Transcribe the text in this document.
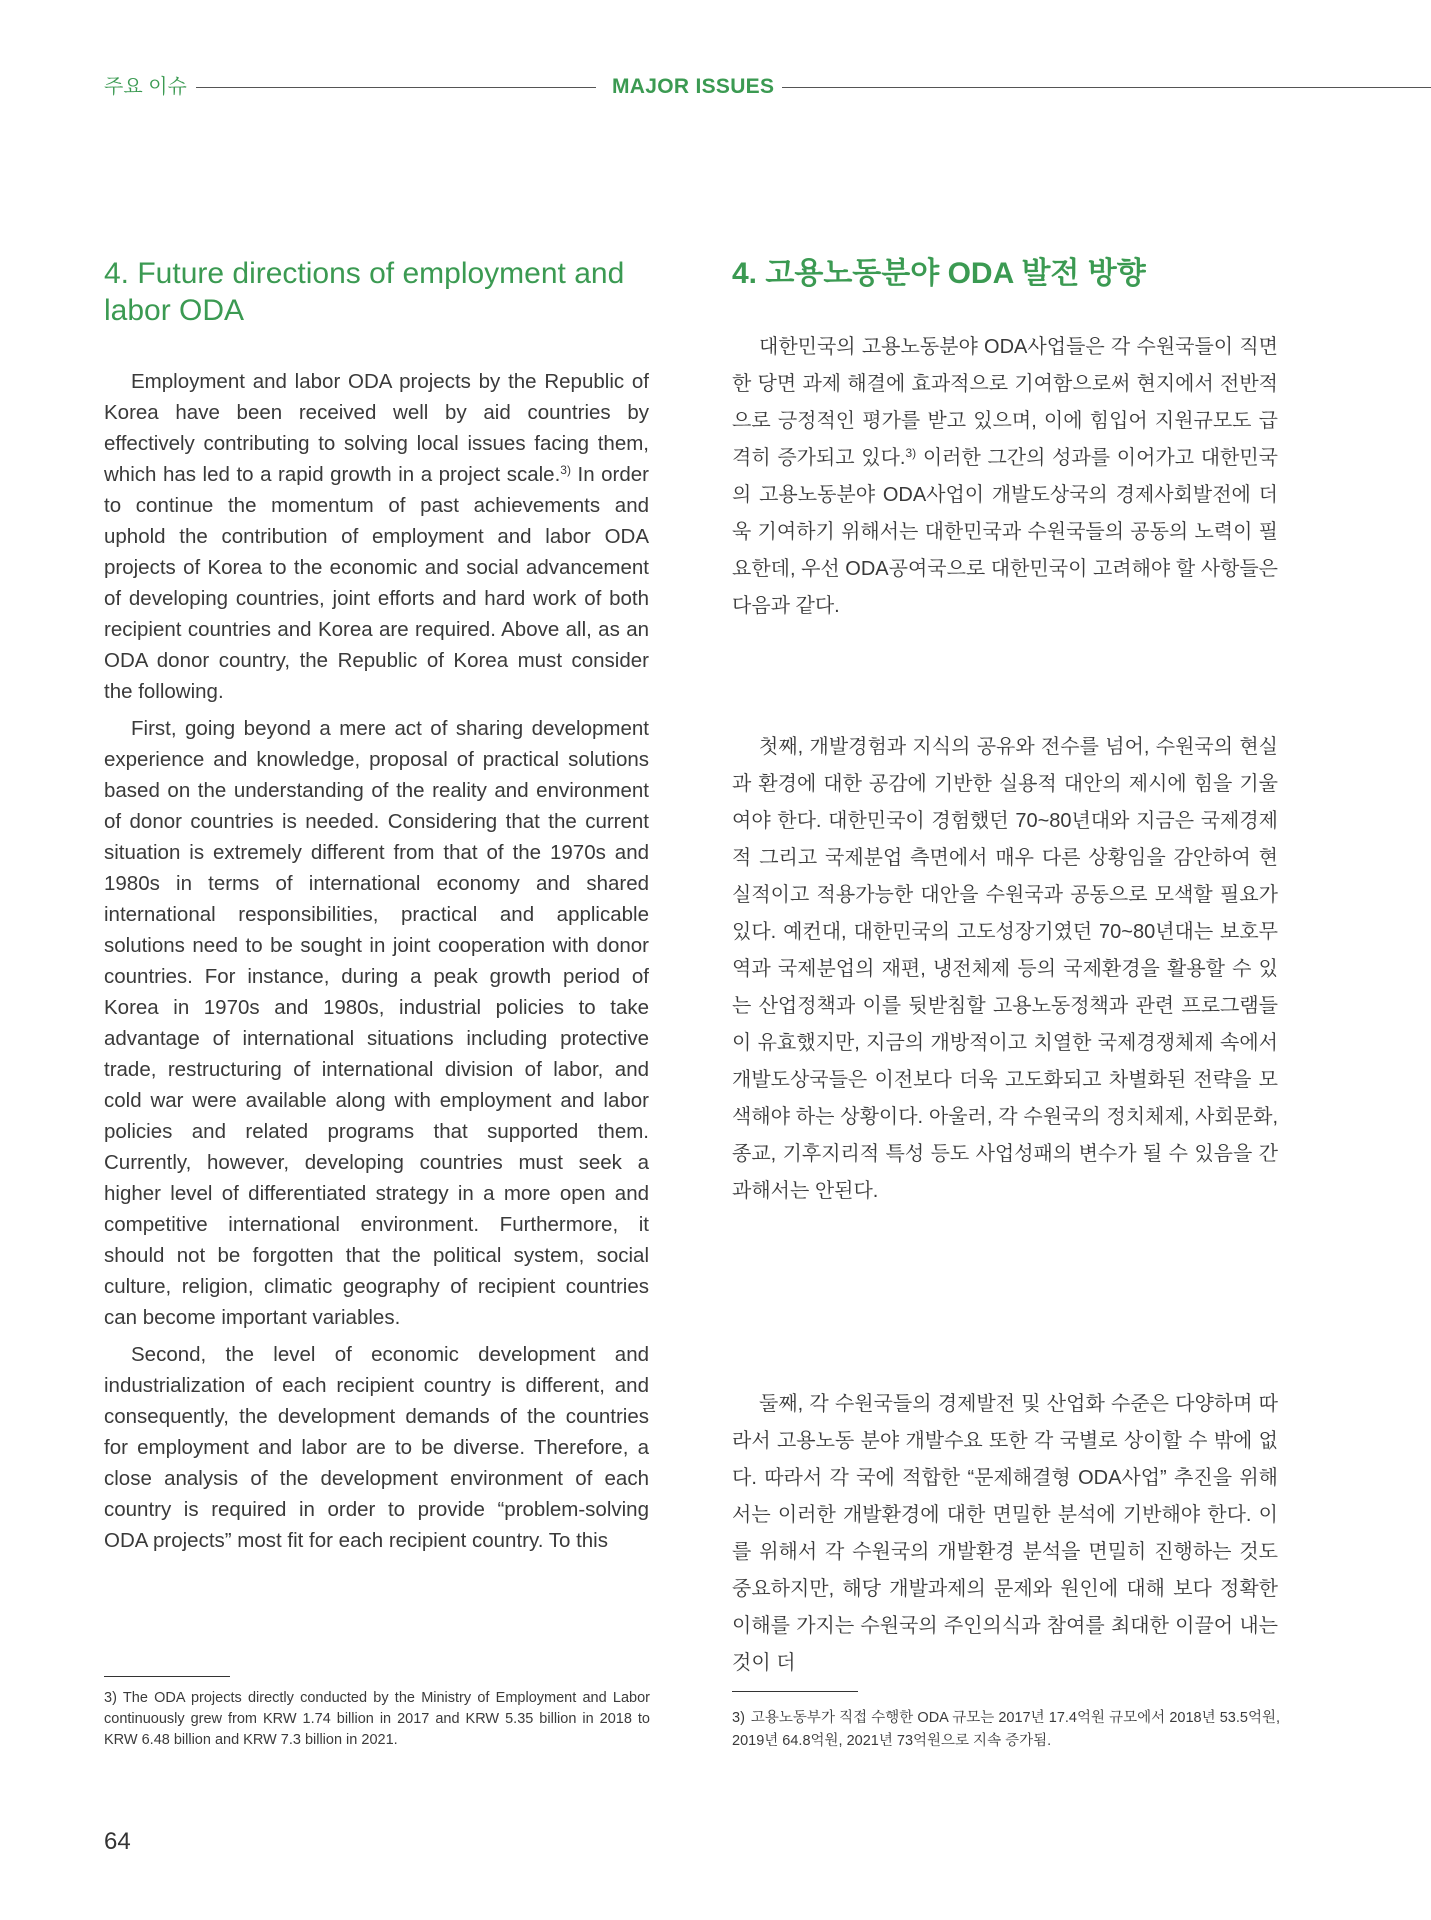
주요 이슈	MAJOR ISSUES
4. Future directions of employment and labor ODA

Employment and labor ODA projects by the Republic of Korea have been received well by aid countries by effectively contributing to solving local issues facing them, which has led to a rapid growth in a project scale.$^{3)}$ In order to continue the momentum of past achievements and uphold the contribution of employment and labor ODA projects of Korea to the economic and social advancement of developing countries, joint efforts and hard work of both recipient countries and Korea are required. Above all, as an ODA donor country, the Republic of Korea must consider the following.

First, going beyond a mere act of sharing development experience and knowledge, proposal of practical solutions based on the understanding of the reality and environment of donor countries is needed. Considering that the current situation is extremely different from that of the 1970s and 1980s in terms of international economy and shared international responsibilities, practical and applicable solutions need to be sought in joint cooperation with donor countries. For instance, during a peak growth period of Korea in 1970s and 1980s, industrial policies to take advantage of international situations including protective trade, restructuring of international division of labor, and cold war were available along with employment and labor policies and related programs that supported them. Currently, however, developing countries must seek a higher level of differentiated strategy in a more open and competitive international environment. Furthermore, it should not be forgotten that the political system, social culture, religion, climatic geography of recipient countries can become important variables.

Second, the level of economic development and industrialization of each recipient country is different, and consequently, the development demands of the countries for employment and labor are to be diverse. Therefore, a close analysis of the development environment of each country is required in order to provide “problem-solving ODA projects” most fit for each recipient country. To this

4. 고용노동분야 ODA 발전 방향

대한민국의 고용노동분야 ODA사업들은 각 수원국들이 직면한 당면 과제 해결에 효과적으로 기여함으로써 현지에서 전반적으로 긍정적인 평가를 받고 있으며, 이에 힘입어 지원규모도 급격히 증가되고 있다.$^{3)}$ 이러한 그간의 성과를 이어가고 대한민국의 고용노동분야 ODA사업이 개발도상국의 경제사회발전에 더욱 기여하기 위해서는 대한민국과 수원국들의 공동의 노력이 필요한데, 우선 ODA공여국으로 대한민국이 고려해야 할 사항들은 다음과 같다.

첫째, 개발경험과 지식의 공유와 전수를 넘어, 수원국의 현실과 환경에 대한 공감에 기반한 실용적 대안의 제시에 힘을 기울여야 한다. 대한민국이 경험했던 70~80년대와 지금은 국제경제적 그리고 국제분업 측면에서 매우 다른 상황임을 감안하여 현실적이고 적용가능한 대안을 수원국과 공동으로 모색할 필요가 있다. 예컨대, 대한민국의 고도성장기였던 70~80년대는 보호무역과 국제분업의 재편, 냉전체제 등의 국제환경을 활용할 수 있는 산업정책과 이를 뒷받침할 고용노동정책과 관련 프로그램들이 유효했지만, 지금의 개방적이고 치열한 국제경쟁체제 속에서 개발도상국들은 이전보다 더욱 고도화되고 차별화된 전략을 모색해야 하는 상황이다. 아울러, 각 수원국의 정치체제, 사회문화, 종교, 기후지리적 특성 등도 사업성패의 변수가 될 수 있음을 간과해서는 안된다.

둘째, 각 수원국들의 경제발전 및 산업화 수준은 다양하며 따라서 고용노동 분야 개발수요 또한 각 국별로 상이할 수 밖에 없다. 따라서 각 국에 적합한 “문제해결형 ODA사업” 추진을 위해서는 이러한 개발환경에 대한 면밀한 분석에 기반해야 한다. 이를 위해서 각 수원국의 개발환경 분석을 면밀히 진행하는 것도 중요하지만, 해당 개발과제의 문제와 원인에 대해 보다 정확한 이해를 가지는 수원국의 주인의식과 참여를 최대한 이끌어 내는 것이 더

3) The ODA projects directly conducted by the Ministry of Employment and Labor continuously grew from KRW 1.74 billion in 2017 and KRW 5.35 billion in 2018 to KRW 6.48 billion and KRW 7.3 billion in 2021.
3) 고용노동부가 직접 수행한 ODA 규모는 2017년 17.4억원 규모에서 2018년 53.5억원, 2019년 64.8억원, 2021년 73억원으로 지속 증가됨.
64
